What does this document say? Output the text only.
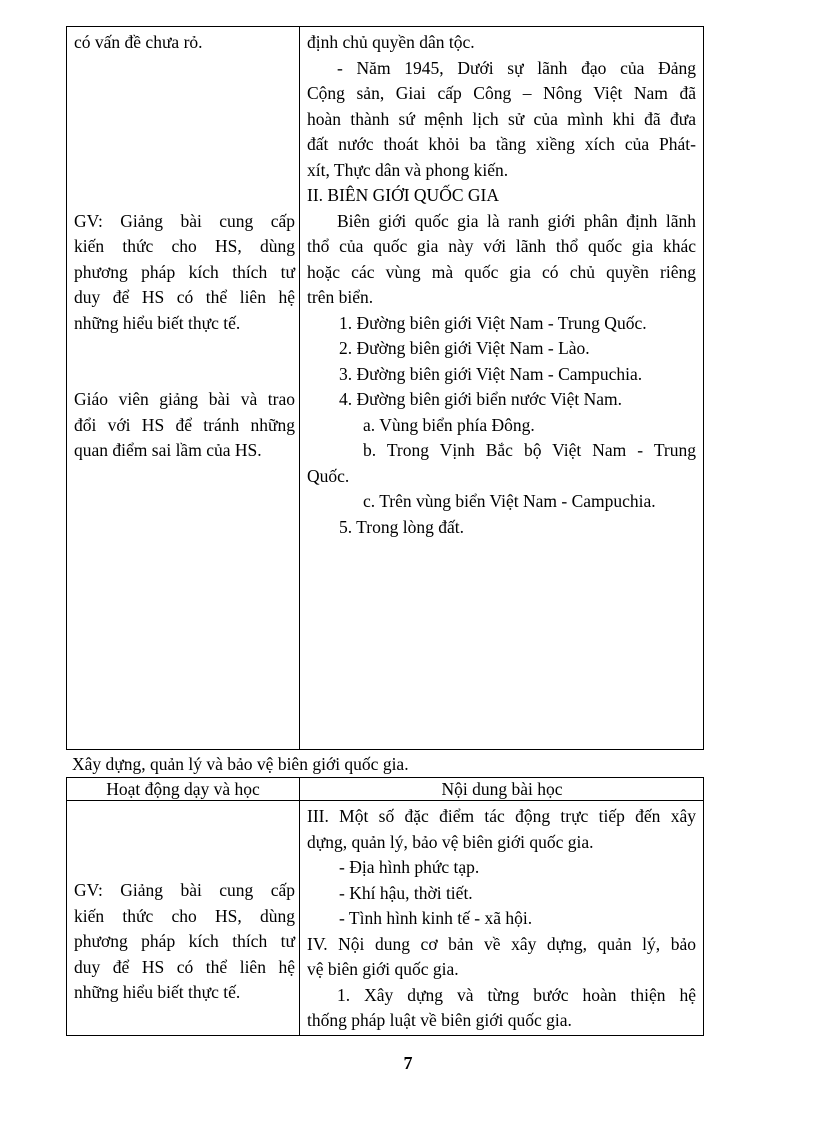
có vấn đề chưa rỏ.

GV: Giảng bài cung cấp

kiến thức cho HS, dùng

phương pháp kích thích tư

duy để HS có thể liên hệ

những hiểu biết thực tế.

Giáo viên giảng bài và trao

đổi với HS để tránh những

quan điểm sai lầm của HS.

định chủ quyền dân tộc.

- Năm 1945, Dưới sự lãnh đạo của Đảng

Cộng sản, Giai cấp Công – Nông Việt Nam đã

hoàn thành sứ mệnh lịch sử của mình khi đã đưa

đất nước thoát khỏi ba tầng xiềng xích của Phát-

xít, Thực dân và phong kiến.

II. BIÊN GIỚI QUỐC GIA

Biên giới quốc gia là ranh giới phân định lãnh

thổ của quốc gia này với lãnh thổ quốc gia khác

hoặc các vùng mà quốc gia có chủ quyền riêng

trên biển.

1. Đường biên giới Việt Nam - Trung Quốc.

2. Đường biên giới Việt Nam - Lào.

3. Đường biên giới Việt Nam - Campuchia.

4. Đường biên giới biển nước Việt Nam.

a. Vùng biển phía Đông.

b. Trong Vịnh Bắc bộ Việt Nam - Trung

Quốc.

c. Trên vùng biển Việt Nam - Campuchia.

5. Trong lòng đất.

Xây dựng, quản lý và bảo vệ biên giới quốc gia.
Hoạt động dạy và học	Nội dung bài học

GV: Giảng bài cung cấp

kiến thức cho HS, dùng

phương pháp kích thích tư

duy để HS có thể liên hệ

những hiểu biết thực tế.

III. Một số đặc điểm tác động trực tiếp đến xây

dựng, quản lý, bảo vệ biên giới quốc gia.

- Địa hình phức tạp.

- Khí hậu, thời tiết.

- Tình hình kinh tế - xã hội.

IV. Nội dung cơ bản về xây dựng, quản lý, bảo

vệ biên giới quốc gia.

1. Xây dựng và từng bước hoàn thiện hệ

thống pháp luật về biên giới quốc gia.

7
